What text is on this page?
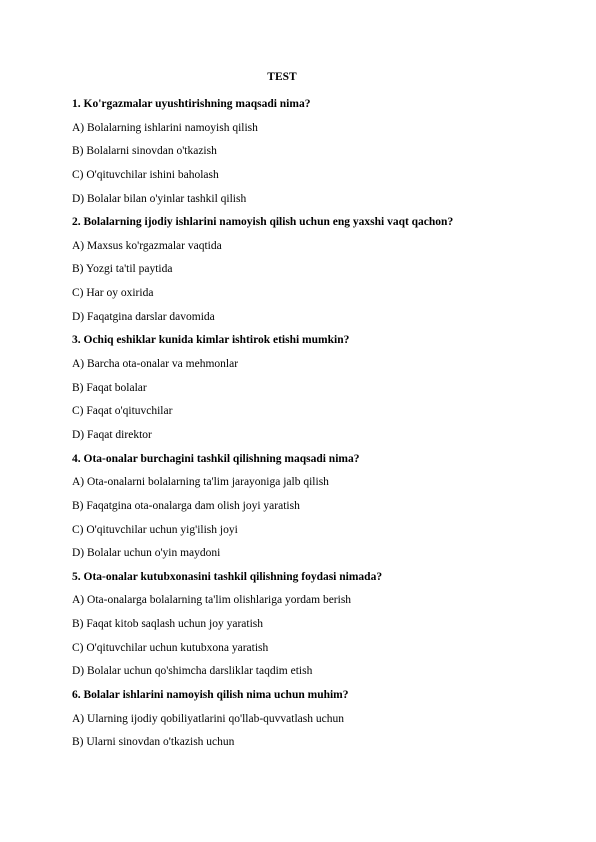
TEST
1. Ko'rgazmalar uyushtirishning maqsadi nima?
A) Bolalarning ishlarini namoyish qilish
B) Bolalarni sinovdan o'tkazish
C) O'qituvchilar ishini baholash
D) Bolalar bilan o'yinlar tashkil qilish
2. Bolalarning ijodiy ishlarini namoyish qilish uchun eng yaxshi vaqt qachon?
A) Maxsus ko'rgazmalar vaqtida
B) Yozgi ta'til paytida
C) Har oy oxirida
D) Faqatgina darslar davomida
3. Ochiq eshiklar kunida kimlar ishtirok etishi mumkin?
A) Barcha ota-onalar va mehmonlar
B) Faqat bolalar
C) Faqat o'qituvchilar
D) Faqat direktor
4. Ota-onalar burchagini tashkil qilishning maqsadi nima?
A) Ota-onalarni bolalarning ta'lim jarayoniga jalb qilish
B) Faqatgina ota-onalarga dam olish joyi yaratish
C) O'qituvchilar uchun yig'ilish joyi
D) Bolalar uchun o'yin maydoni
5. Ota-onalar kutubxonasini tashkil qilishning foydasi nimada?
A) Ota-onalarga bolalarning ta'lim olishlariga yordam berish
B) Faqat kitob saqlash uchun joy yaratish
C) O'qituvchilar uchun kutubxona yaratish
D) Bolalar uchun qo'shimcha darsliklar taqdim etish
6. Bolalar ishlarini namoyish qilish nima uchun muhim?
A) Ularning ijodiy qobiliyatlarini qo'llab-quvvatlash uchun
B) Ularni sinovdan o'tkazish uchun
